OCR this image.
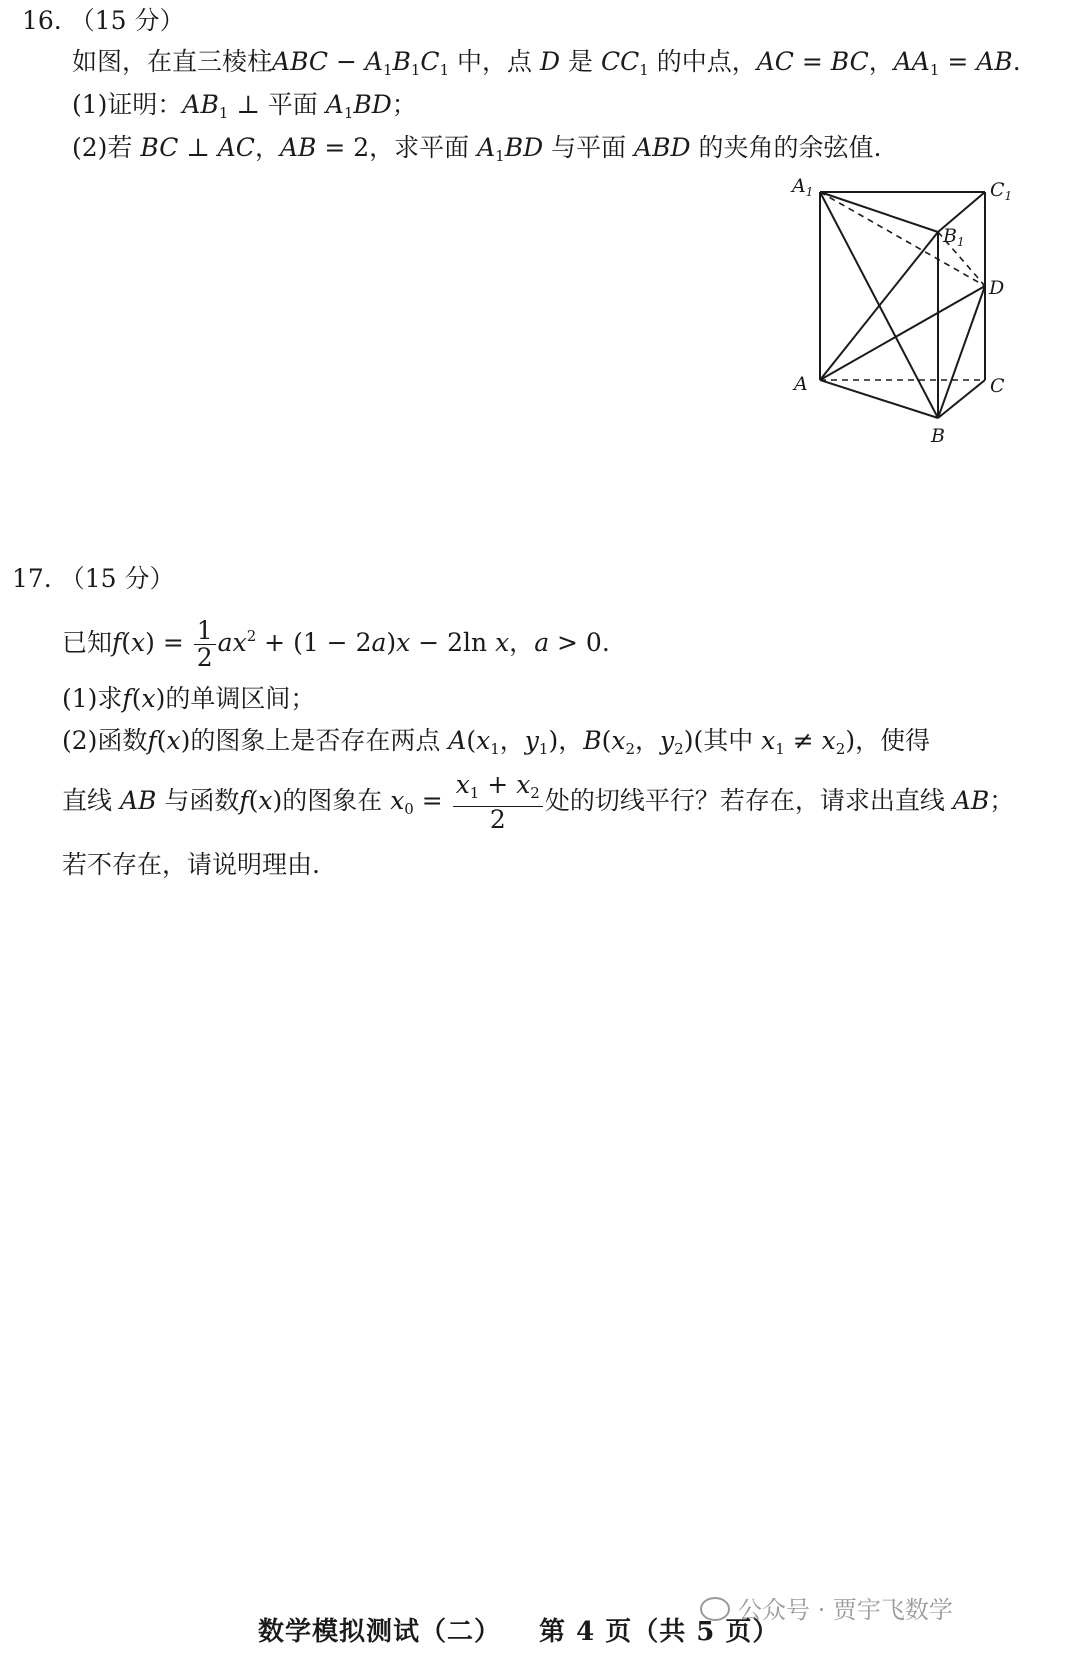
16. （15 分）
如图，在直三棱柱ABC − $A_1B_1C_1$ 中，点 D 是 $CC_1$ 的中点，AC = BC，$AA_1$ = AB.
(1)证明：$AB_1$ ⊥ 平面 $A_1BD$；
(2)若 BC ⊥ AC，AB = 2，求平面 $A_1BD$ 与平面 ABD 的夹角的余弦值.
$A_1$	$C_1$
$B_1$
D
A	C
B
17. （15 分）
已知$f(x) = \frac{1}{2} ax^2 + (1 - 2a)x - 2\ln$ x，a > 0.
(1)求f(x)的单调区间；
(2)函数f(x)的图象上是否存在两点 $A(x_1$，$y_1$)，$B(x_2$，$y_2$)(其中 $x_1 \ne x_2$)，使得
直线 AB 与函数f(x)的图象在 $x_0 = \frac{x_1 + x_2}{2}$ 处的切线平行？若存在，请求出直线 AB；
若不存在，请说明理由.
公众号 · 贾宇飞数学
数学模拟测试（二） 第 4 页（共 5 页）
